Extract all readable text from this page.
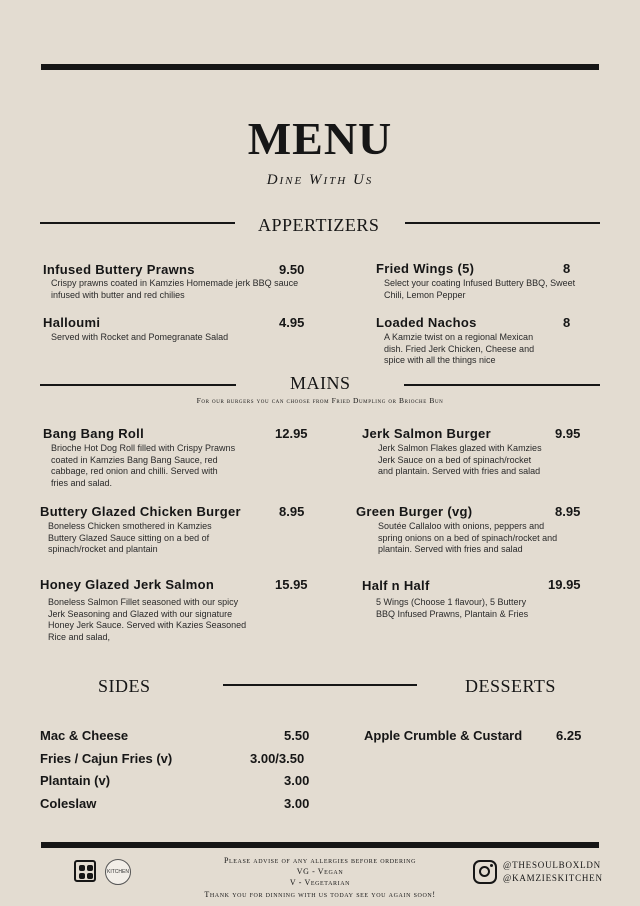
MENU
Dine With Us
APPERTIZERS
Infused Buttery Prawns	9.50
Crispy prawns coated in Kamzies Homemade jerk BBQ sauce infused with butter and red chilies
Fried Wings (5)	8
Select your coating Infused Buttery BBQ, Sweet Chili, Lemon Pepper
Halloumi	4.95
Served with Rocket and Pomegranate Salad
Loaded Nachos	8
A Kamzie twist on a regional Mexican dish. Fried Jerk Chicken, Cheese and spice with all the things nice
MAINS
For our burgers you can choose from Fried Dumpling or Brioche Bun
Bang Bang Roll	12.95
Brioche Hot Dog Roll filled with Crispy Prawns coated in Kamzies Bang Bang Sauce, red cabbage, red onion and chilli. Served with fries and salad.
Jerk Salmon Burger	9.95
Jerk Salmon Flakes glazed with Kamzies Jerk Sauce on a bed of spinach/rocket and plantain. Served with fries and salad
Buttery Glazed Chicken Burger	8.95
Boneless Chicken smothered in Kamzies Buttery Glazed Sauce sitting on a bed of spinach/rocket and plantain
Green Burger (vg)	8.95
Soutée Callaloo with onions, peppers and spring onions on a bed of spinach/rocket and plantain. Served with fries and salad
Honey Glazed Jerk Salmon	15.95
Boneless Salmon Fillet seasoned with our spicy Jerk Seasoning and Glazed with our signature Honey Jerk Sauce. Served with Kazies Seasoned Rice and salad,
Half n Half	19.95
5 Wings (Choose 1 flavour), 5 Buttery BBQ Infused Prawns, Plantain & Fries
SIDES	DESSERTS
Mac & Cheese	5.50
Fries / Cajun Fries (v)	3.00/3.50
Plantain (v)	3.00
Coleslaw	3.00
Apple Crumble & Custard	6.25
KITCHEN
Please advise of any allergies before ordering
VG - Vegan
V - Vegetarian
Thank you for dinning with us today see you again soon!
@THESOULBOXLDN
@KAMZIESKITCHEN
